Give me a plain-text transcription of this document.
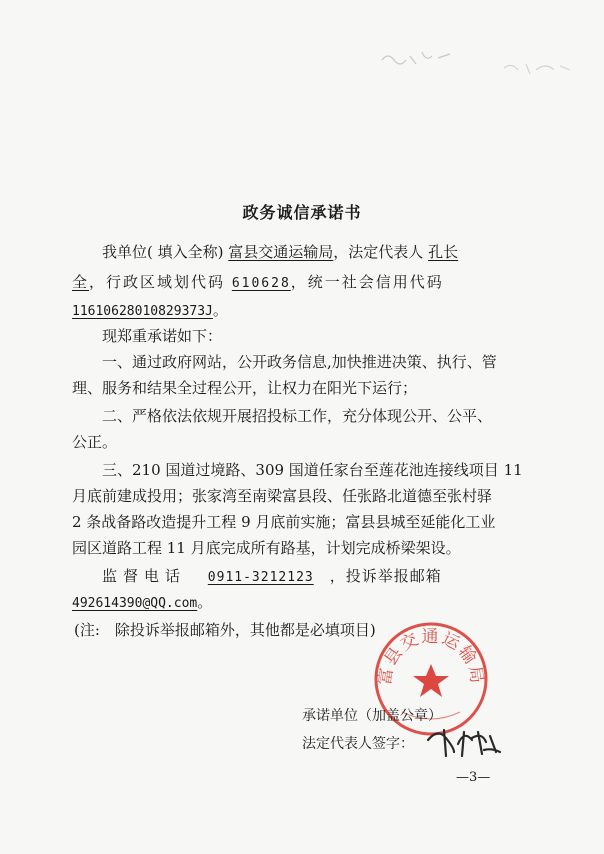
政务诚信承诺书
我单位( 填入全称) 富县交通运输局，法定代表人 孔长
全，行政区域划代码 610628，统一社会信用代码
11610628010829373J。
现郑重承诺如下：
一、通过政府网站，公开政务信息,加快推进决策、执行、管
理、服务和结果全过程公开，让权力在阳光下运行；
二、严格依法依规开展招投标工作，充分体现公开、公平、
公正。
三、210 国道过境路、309 国道任家台至莲花池连接线项目 11
月底前建成投用；张家湾至南梁富县段、任张路北道德至张村驿
2 条战备路改造提升工程 9 月底前实施；富县县城至延能化工业
园区道路工程 11 月底完成所有路基，计划完成桥梁架设。
监督电话 0911-3212123 ，投诉举报邮箱
492614390@QQ.com。
(注:　除投诉举报邮箱外，其他都是必填项目)
富县交通运输局
承诺单位（加盖公章）
法定代表人签字：
—3—
